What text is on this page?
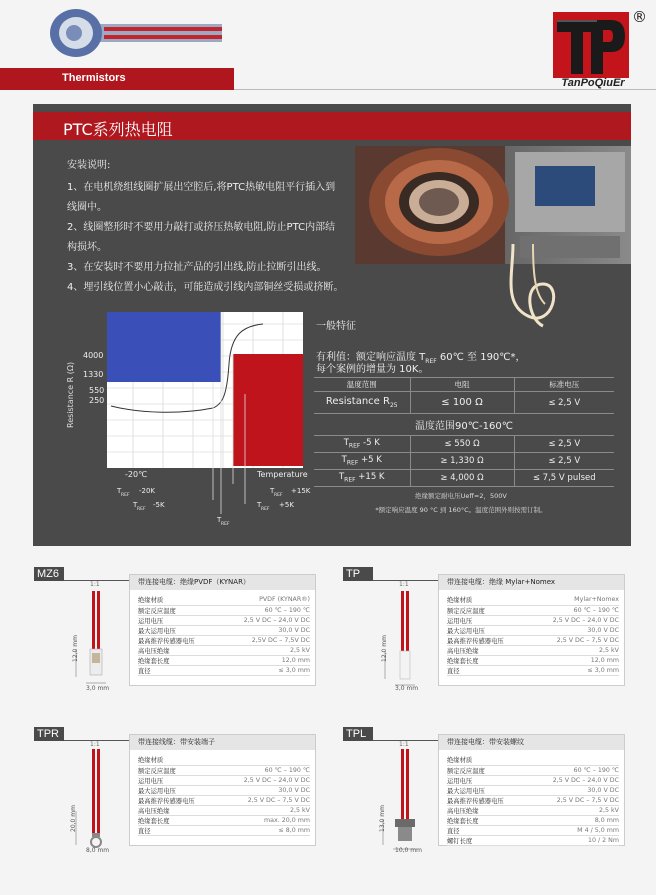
Thermistors	TanPoQiuEr
®
PTC系列热电阻
安装说明:
1、在电机绕组线圈扩展出空腔后,将PTC热敏电阻平行插入到
线圈中。
2、线圈整形时不要用力敲打或挤压热敏电阻,防止PTC内部结
构损坏。
3、在安装时不要用力拉扯产品的引出线,防止拉断引出线。
4、埋引线位置小心敲击，可能造成引线内部铜丝受损或挤断。
Resistance R (Ω)
4000
1330
550
250
-20℃	Temperature
T
REF
-20K
T
REF
-5K
T
REF
+15K
T
REF
+5K
T
REF
一般特征
有利值：额定响应温度 $T_{REF}$ 60℃ 至 190℃*，
每个案例的增量为 10K。
温度范围	电阻	标准电压
Resistance $R_{25}$	≤ 100 Ω	≤ 2,5 V
温度范围90℃-160℃		
$T_{REF}$ -5 K	≤ 550 Ω	≤ 2,5 V
$T_{REF} +5$ K	≥ 1,330 Ω	≤ 2,5 V
$T_{REF} +15$ K	≥ 4,000 Ω	≤ 7,5 V pulsed
绝缘额定耐电压Ueff=2，500V
*额定响应温度 90 °C 到 160°C。温度范围外则按需订制。
MZ6
1:1
12,0 mm
3,0 mm
带连接电缆：绝缘PVDF（KYNAR）
绝缘材质	PVDF (KYNAR®)
额定反应温度	60 ℃ – 190 ℃
运用电压	2,5 V DC – 24,0 V DC
最大运用电压	30,0 V DC
最高推荐传感器电压	2,5V DC – 7,5V DC
高电压绝缘	2,5 kV
绝缘套长度	12,0 mm
直径	≤ 3,0 mm
TP
1:1
12,0 mm
3,0 mm
带连接电缆：绝缘 Mylar+Nomex
绝缘材质	Mylar+Nomex
额定反应温度	60 ℃ – 190 ℃
运用电压	2,5 V DC – 24,0 V DC
最大运用电压	30,0 V DC
最高推荐传感器电压	2,5 V DC – 7,5 V DC
高电压绝缘	2,5 kV
绝缘套长度	12,0 mm
直径	≤ 3,0 mm
TPR
1:1
20,0 mm
8,0 mm
带连接线缆：带安装端子
绝缘材质	
额定反应温度	60 ℃ – 190 ℃
运用电压	2,5 V DC – 24,0 V DC
最大运用电压	30,0 V DC
最高推荐传感器电压	2,5 V DC – 7,5 V DC
高电压绝缘	2,5 kV
绝缘套长度	max. 20,0 mm
直径	≤ 8,0 mm
TPL
1:1
13,0 mm
10,0 mm
带连接电缆：带安装螺纹
绝缘材质	
额定反应温度	60 ℃ – 190 ℃
运用电压	2,5 V DC – 24,0 V DC
最大运用电压	30,0 V DC
最高推荐传感器电压	2,5 V DC – 7,5 V DC
高电压绝缘	2,5 kV
绝缘套长度	8,0 mm
直径	M 4 / 5,0 mm
螺钉长度	10 / 2 Nm
